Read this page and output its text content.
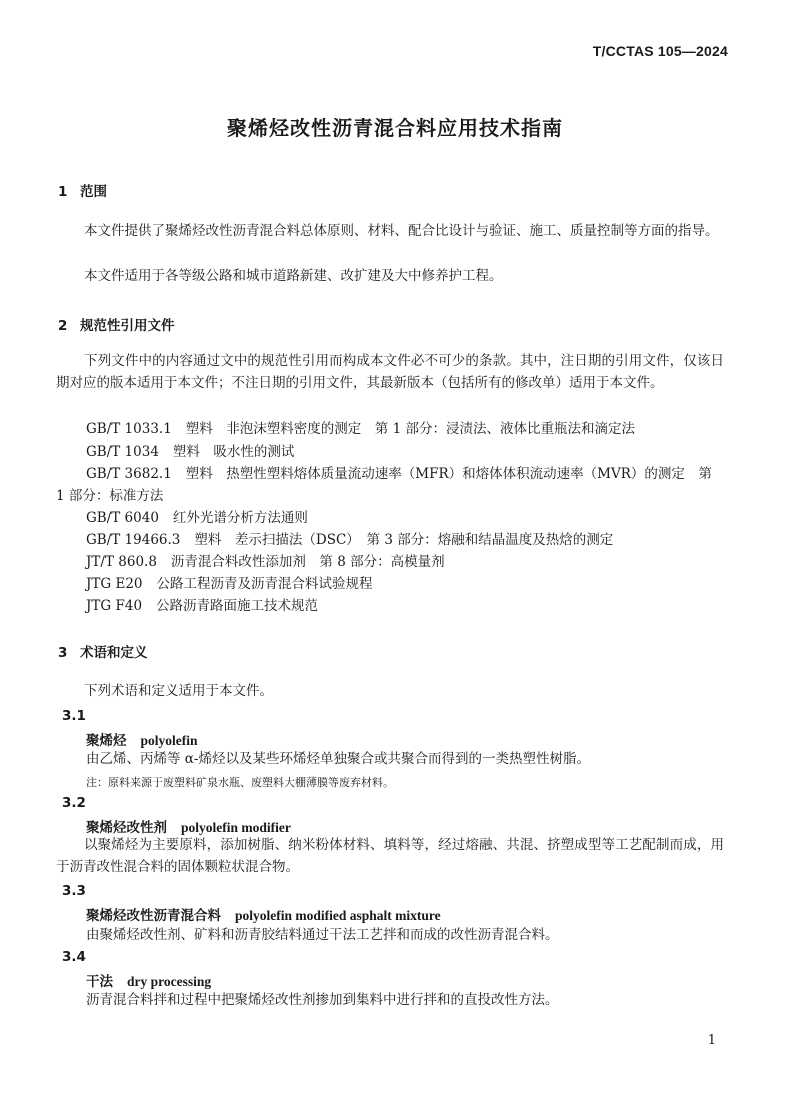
T/CCTAS 105—2024
聚烯烃改性沥青混合料应用技术指南
1 范围
本文件提供了聚烯烃改性沥青混合料总体原则、材料、配合比设计与验证、施工、质量控制等方面的指导。
本文件适用于各等级公路和城市道路新建、改扩建及大中修养护工程。
2 规范性引用文件
下列文件中的内容通过文中的规范性引用而构成本文件必不可少的条款。其中，注日期的引用文件，仅该日期对应的版本适用于本文件；不注日期的引用文件，其最新版本（包括所有的修改单）适用于本文件。
GB/T 1033.1 塑料　非泡沫塑料密度的测定　第 1 部分：浸渍法、液体比重瓶法和滴定法
GB/T 1034 塑料　吸水性的测试
GB/T 3682.1 塑料　热塑性塑料熔体质量流动速率（MFR）和熔体体积流动速率（MVR）的测定　第
1 部分：标准方法
GB/T 6040 红外光谱分析方法通则
GB/T 19466.3 塑料　差示扫描法（DSC）　第 3 部分：熔融和结晶温度及热焓的测定
JT/T 860.8 沥青混合料改性添加剂　第 8 部分：高模量剂
JTG E20 公路工程沥青及沥青混合料试验规程
JTG F40 公路沥青路面施工技术规范
3 术语和定义
下列术语和定义适用于本文件。
3.1
聚烯烃 polyolefin
由乙烯、丙烯等 α-烯烃以及某些环烯烃单独聚合或共聚合而得到的一类热塑性树脂。
注：原料来源于废塑料矿泉水瓶、废塑料大棚薄膜等废弃材料。
3.2
聚烯烃改性剂 polyolefin modifier
以聚烯烃为主要原料，添加树脂、纳米粉体材料、填料等，经过熔融、共混、挤塑成型等工艺配制而成，用于沥青改性混合料的固体颗粒状混合物。
3.3
聚烯烃改性沥青混合料 polyolefin modified asphalt mixture
由聚烯烃改性剂、矿料和沥青胶结料通过干法工艺拌和而成的改性沥青混合料。
3.4
干法 dry processing
沥青混合料拌和过程中把聚烯烃改性剂掺加到集料中进行拌和的直投改性方法。
1
